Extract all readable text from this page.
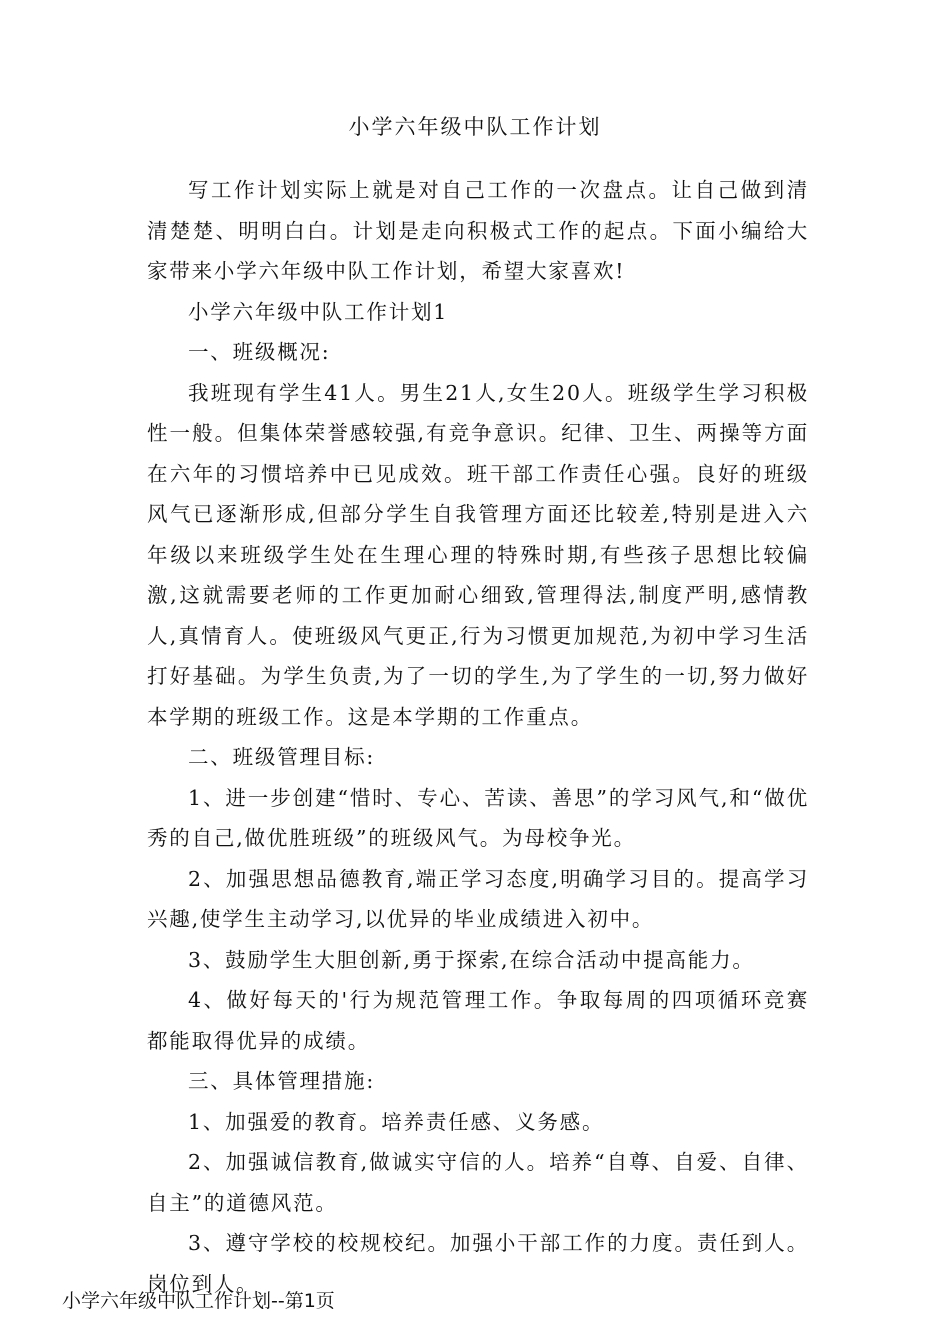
小学六年级中队工作计划

写工作计划实际上就是对自己工作的一次盘点。让自己做到清清楚楚、明明白白。计划是走向积极式工作的起点。下面小编给大家带来小学六年级中队工作计划，希望大家喜欢!

小学六年级中队工作计划1

一、班级概况:

我班现有学生41人。男生21人,女生20人。班级学生学习积极性一般。但集体荣誉感较强,有竞争意识。纪律、卫生、两操等方面在六年的习惯培养中已见成效。班干部工作责任心强。良好的班级风气已逐渐形成,但部分学生自我管理方面还比较差,特别是进入六年级以来班级学生处在生理心理的特殊时期,有些孩子思想比较偏激,这就需要老师的工作更加耐心细致,管理得法,制度严明,感情教人,真情育人。使班级风气更正,行为习惯更加规范,为初中学习生活打好基础。为学生负责,为了一切的学生,为了学生的一切,努力做好本学期的班级工作。这是本学期的工作重点。

二、班级管理目标:

1、进一步创建“惜时、专心、苦读、善思”的学习风气,和“做优秀的自己,做优胜班级”的班级风气。为母校争光。

2、加强思想品德教育,端正学习态度,明确学习目的。提高学习兴趣,使学生主动学习,以优异的毕业成绩进入初中。

3、鼓励学生大胆创新,勇于探索,在综合活动中提高能力。

4、做好每天的'行为规范管理工作。争取每周的四项循环竞赛都能取得优异的成绩。

三、具体管理措施:

1、加强爱的教育。培养责任感、义务感。

2、加强诚信教育,做诚实守信的人。培养“自尊、自爱、自律、自主”的道德风范。

3、遵守学校的校规校纪。加强小干部工作的力度。责任到人。岗位到人。

小学六年级中队工作计划--第1页
